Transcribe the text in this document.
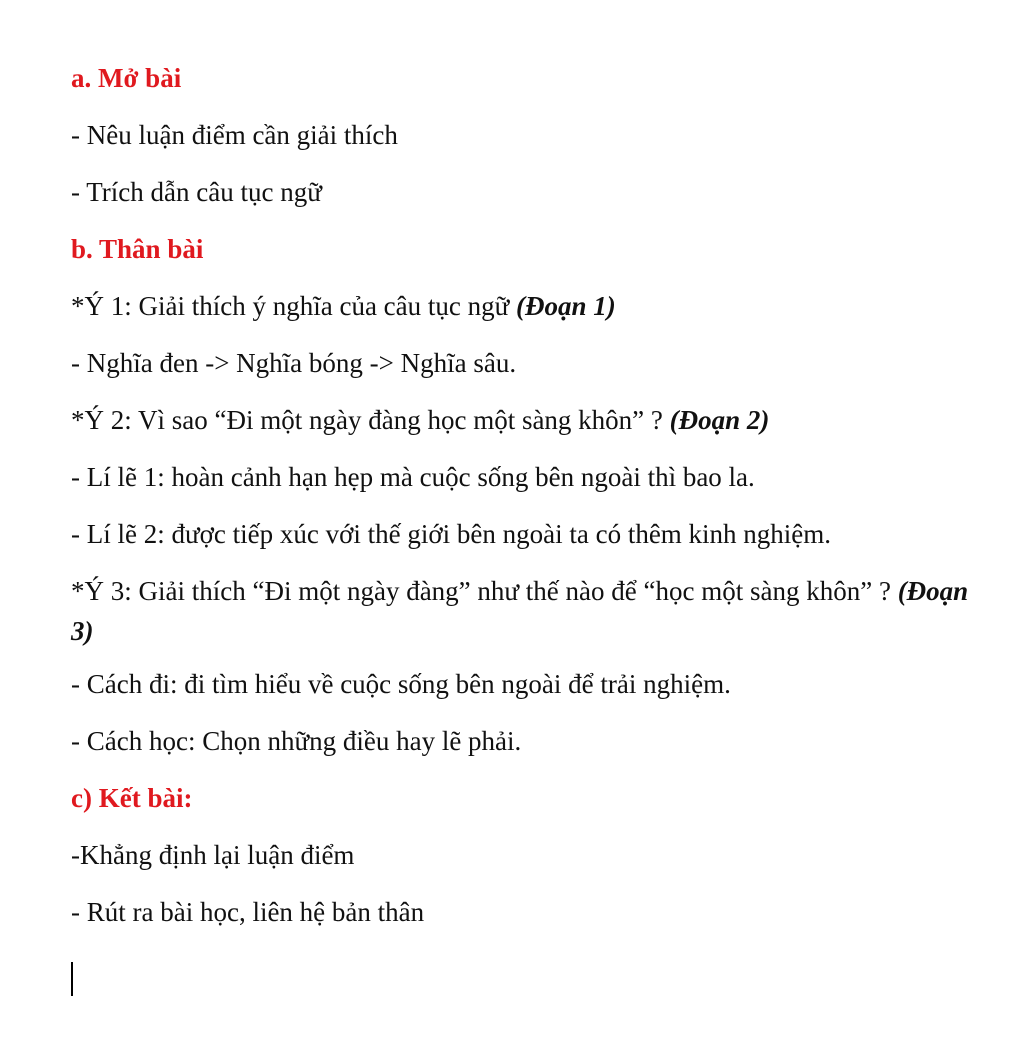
a. Mở bài
- Nêu luận điểm cần giải thích
- Trích dẫn câu tục ngữ
b. Thân bài
*Ý 1: Giải thích ý nghĩa của câu tục ngữ (Đoạn 1)
- Nghĩa đen -> Nghĩa bóng -> Nghĩa sâu.
*Ý 2: Vì sao “Đi một ngày đàng học một sàng khôn” ? (Đoạn 2)
- Lí lẽ 1: hoàn cảnh hạn hẹp mà cuộc sống bên ngoài thì bao la.
- Lí lẽ 2: được tiếp xúc với thế giới bên ngoài ta có thêm kinh nghiệm.
*Ý 3: Giải thích “Đi một ngày đàng” như thế nào để “học một sàng khôn” ? (Đoạn 3)
- Cách đi: đi tìm hiểu về cuộc sống bên ngoài để trải nghiệm.
- Cách học: Chọn những điều hay lẽ phải.
c) Kết bài:
-Khẳng định lại luận điểm
- Rút ra bài học, liên hệ bản thân
